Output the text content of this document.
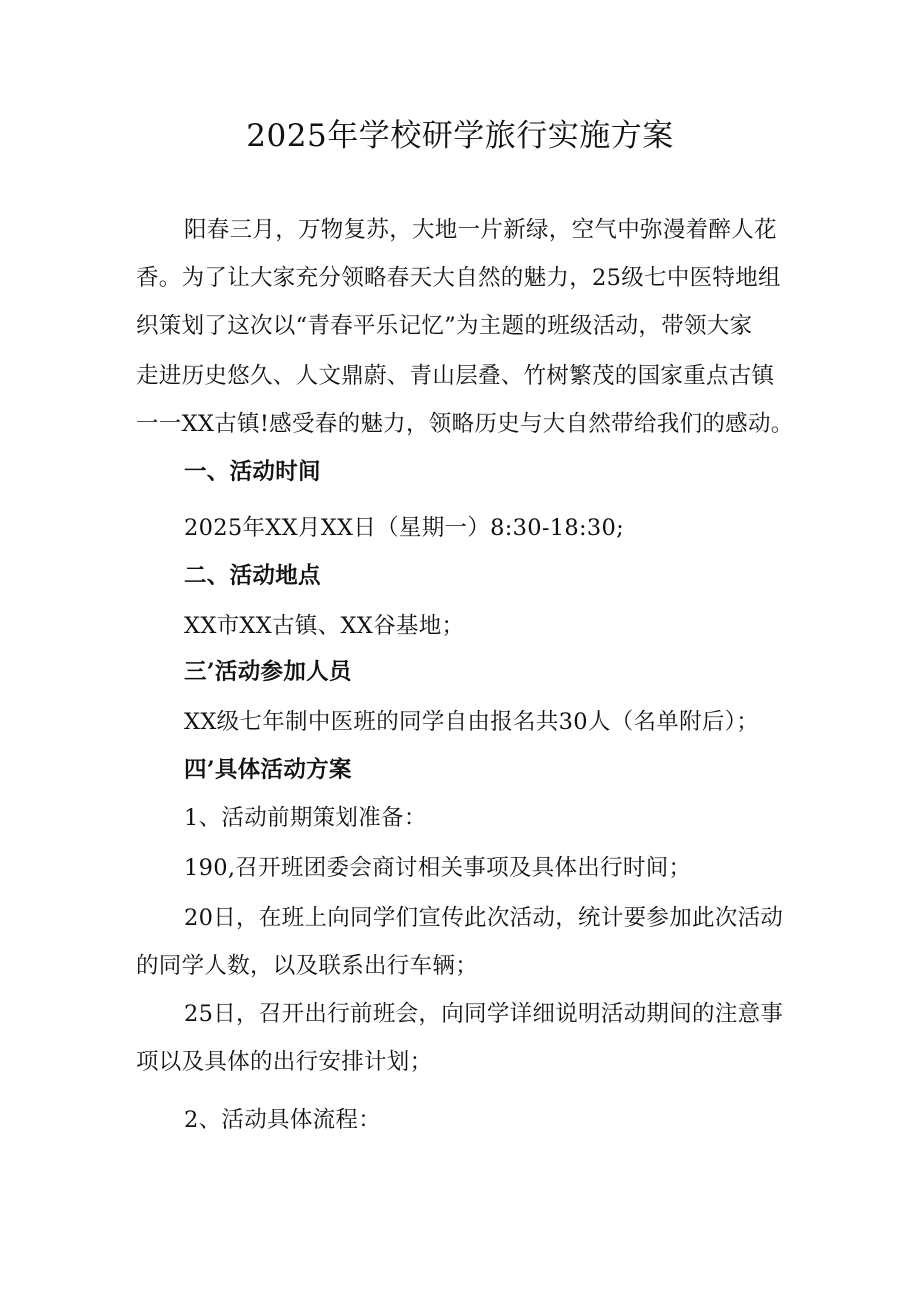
2025年学校研学旅行实施方案
阳春三月，万物复苏，大地一片新绿，空气中弥漫着醉人花
香。为了让大家充分领略春天大自然的魅力，25级七中医特地组
织策划了这次以“青春平乐记忆”为主题的班级活动，带领大家
走进历史悠久、人文鼎蔚、青山层叠、竹树繁茂的国家重点古镇
一一XX古镇!感受春的魅力，领略历史与大自然带给我们的感动。
一、活动时间
2025年XX月XX日（星期一）8:30-18:30;
二、活动地点
XX市XX古镇、XX谷基地；
三’活动参加人员
XX级七年制中医班的同学自由报名共30人（名单附后）；
四’具体活动方案
1、活动前期策划准备：
190,召开班团委会商讨相关事项及具体出行时间；
20日，在班上向同学们宣传此次活动，统计要参加此次活动
的同学人数，以及联系出行车辆；
25日，召开出行前班会，向同学详细说明活动期间的注意事
项以及具体的出行安排计划；
2、活动具体流程：
